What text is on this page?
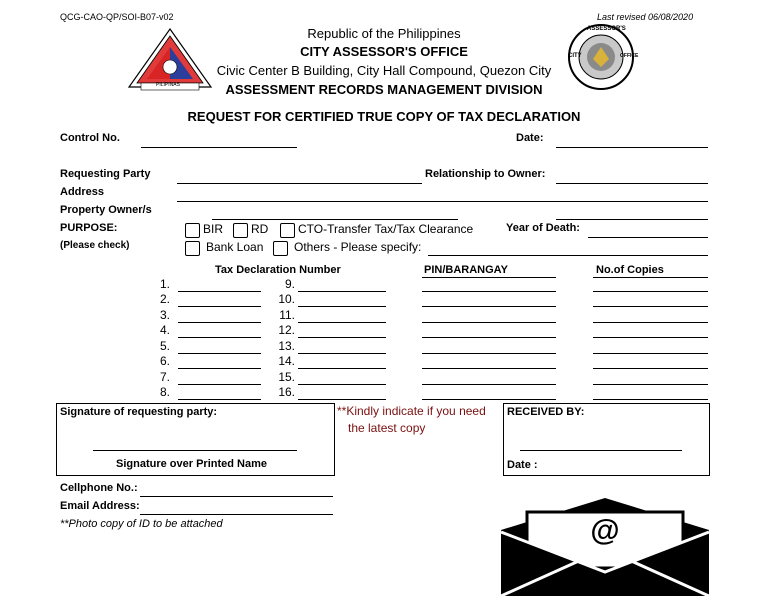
QCG-CAO-QP/SOI-B07-v02	Last revised 06/08/2020
PILIPINAS
ASSESSOR'S
CITY	OFFICE
Republic of the Philippines
CITY ASSESSOR'S OFFICE
Civic Center B Building, City Hall Compound, Quezon City
ASSESSMENT RECORDS MANAGEMENT DIVISION
REQUEST FOR CERTIFIED TRUE COPY OF TAX DECLARATION
Control No.	Date:
Requesting Party	Relationship to Owner:
Address
Property Owner/s
PURPOSE:
(Please check)
BIR RD CTO-Transfer Tax/Tax Clearance	Year of Death:
Bank Loan	Others - Please specify:
Tax Declaration Number	PIN/BARANGAY	No.of Copies
1.	9.
2.	10.
3.	11.
4.	12.
5.	13.
6.	14.
7.	15.
8.	16.
Signature of requesting party:
Signature over Printed Name
**Kindly indicate if you need
the latest copy
RECEIVED BY:
Date :
Cellphone No.:
Email Address:
**Photo copy of ID to be attached	@
